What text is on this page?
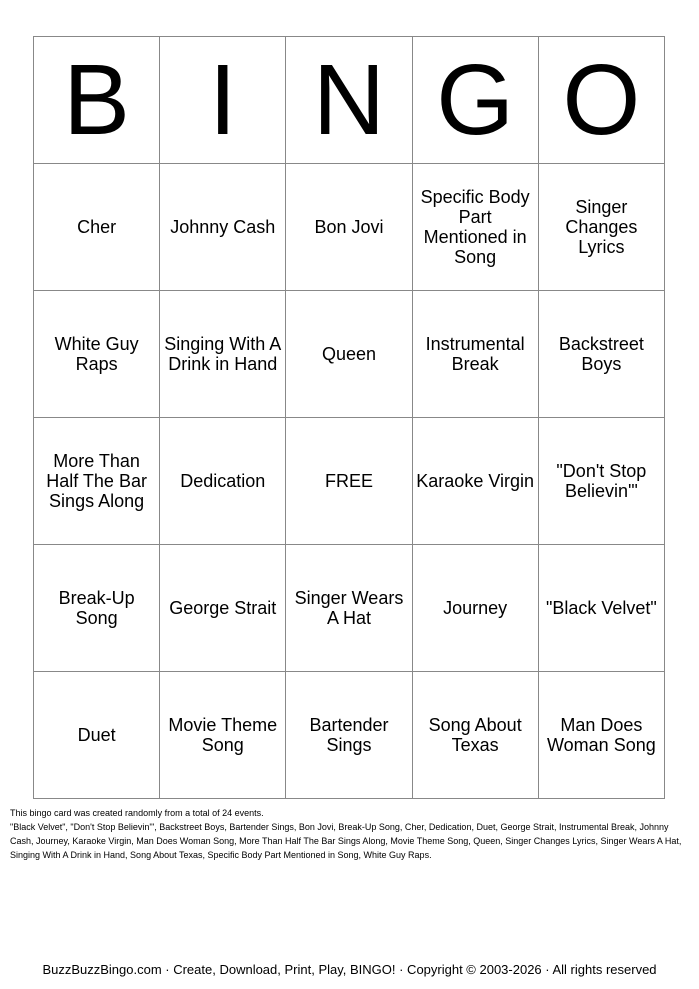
B	I	N	G	O
Cher	Johnny Cash	Bon Jovi	Specific Body Part Mentioned in Song	Singer Changes Lyrics
White Guy Raps	Singing With A Drink in Hand	Queen	Instrumental Break	Backstreet Boys
More Than Half The Bar Sings Along	Dedication	FREE	Karaoke Virgin	"Don't Stop Believin'"
Break-Up Song	George Strait	Singer Wears A Hat	Journey	"Black Velvet"
Duet	Movie Theme Song	Bartender Sings	Song About Texas	Man Does Woman Song

This bingo card was created randomly from a total of 24 events.

"Black Velvet", "Don't Stop Believin'", Backstreet Boys, Bartender Sings, Bon Jovi, Break-Up Song, Cher, Dedication, Duet, George Strait, Instrumental Break, Johnny Cash, Journey, Karaoke Virgin, Man Does Woman Song, More Than Half The Bar Sings Along, Movie Theme Song, Queen, Singer Changes Lyrics, Singer Wears A Hat, Singing With A Drink in Hand, Song About Texas, Specific Body Part Mentioned in Song, White Guy Raps.

BuzzBuzzBingo.com · Create, Download, Print, Play, BINGO! · Copyright © 2003-2026 · All rights reserved
